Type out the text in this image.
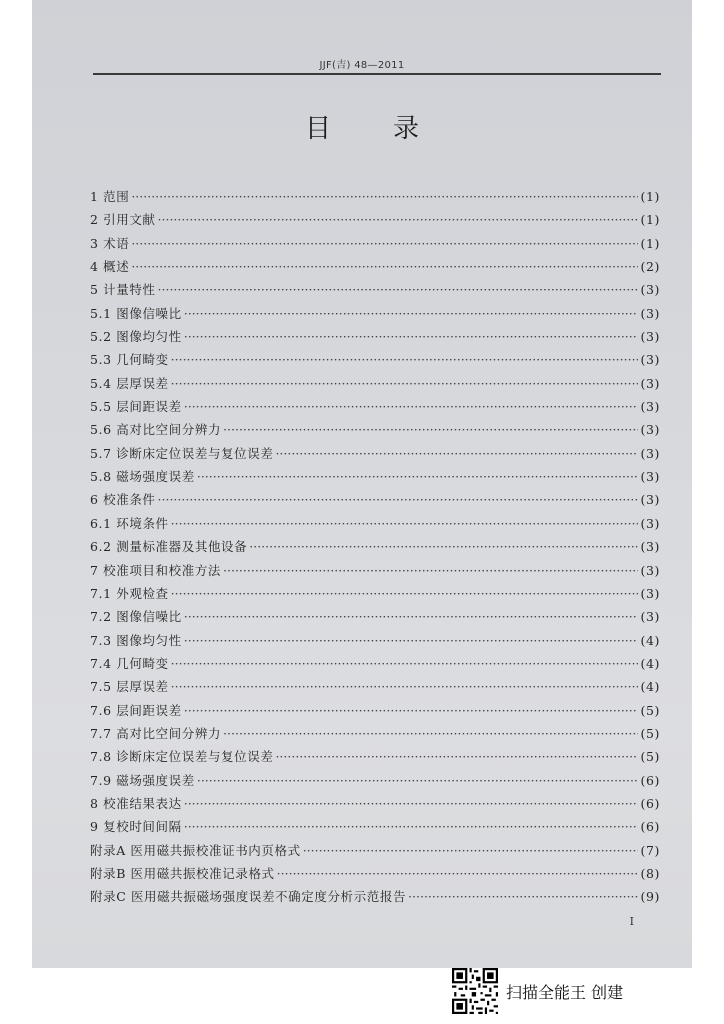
JJF(吉) 48—2011
目录
1 范围 ·····	(1)
2 引用文献 ·····	(1)
3 术语 ·····	(1)
4 概述 ·····	(2)
5 计量特性 ·····	(3)
5.1 图像信噪比 ·····	(3)
5.2 图像均匀性 ·····	(3)
5.3 几何畸变 ·····	(3)
5.4 层厚误差 ·····	(3)
5.5 层间距误差 ·····	(3)
5.6 高对比空间分辨力 ·····	(3)
5.7 诊断床定位误差与复位误差 ·····	(3)
5.8 磁场强度误差 ·····	(3)
6 校准条件 ·····	(3)
6.1 环境条件 ·····	(3)
6.2 测量标准器及其他设备 ·····	(3)
7 校准项目和校准方法 ·····	(3)
7.1 外观检查 ·····	(3)
7.2 图像信噪比 ·····	(3)
7.3 图像均匀性 ·····	(4)
7.4 几何畸变 ·····	(4)
7.5 层厚误差 ·····	(4)
7.6 层间距误差 ·····	(5)
7.7 高对比空间分辨力 ·····	(5)
7.8 诊断床定位误差与复位误差 ·····	(5)
7.9 磁场强度误差 ·····	(6)
8 校准结果表达 ·····	(6)
9 复校时间间隔 ·····	(6)
附录A 医用磁共振校准证书内页格式 ·····	(7)
附录B 医用磁共振校准记录格式 ·····	(8)
附录C 医用磁共振磁场强度误差不确定度分析示范报告 ·····	(9)
I
扫描全能王 创建
